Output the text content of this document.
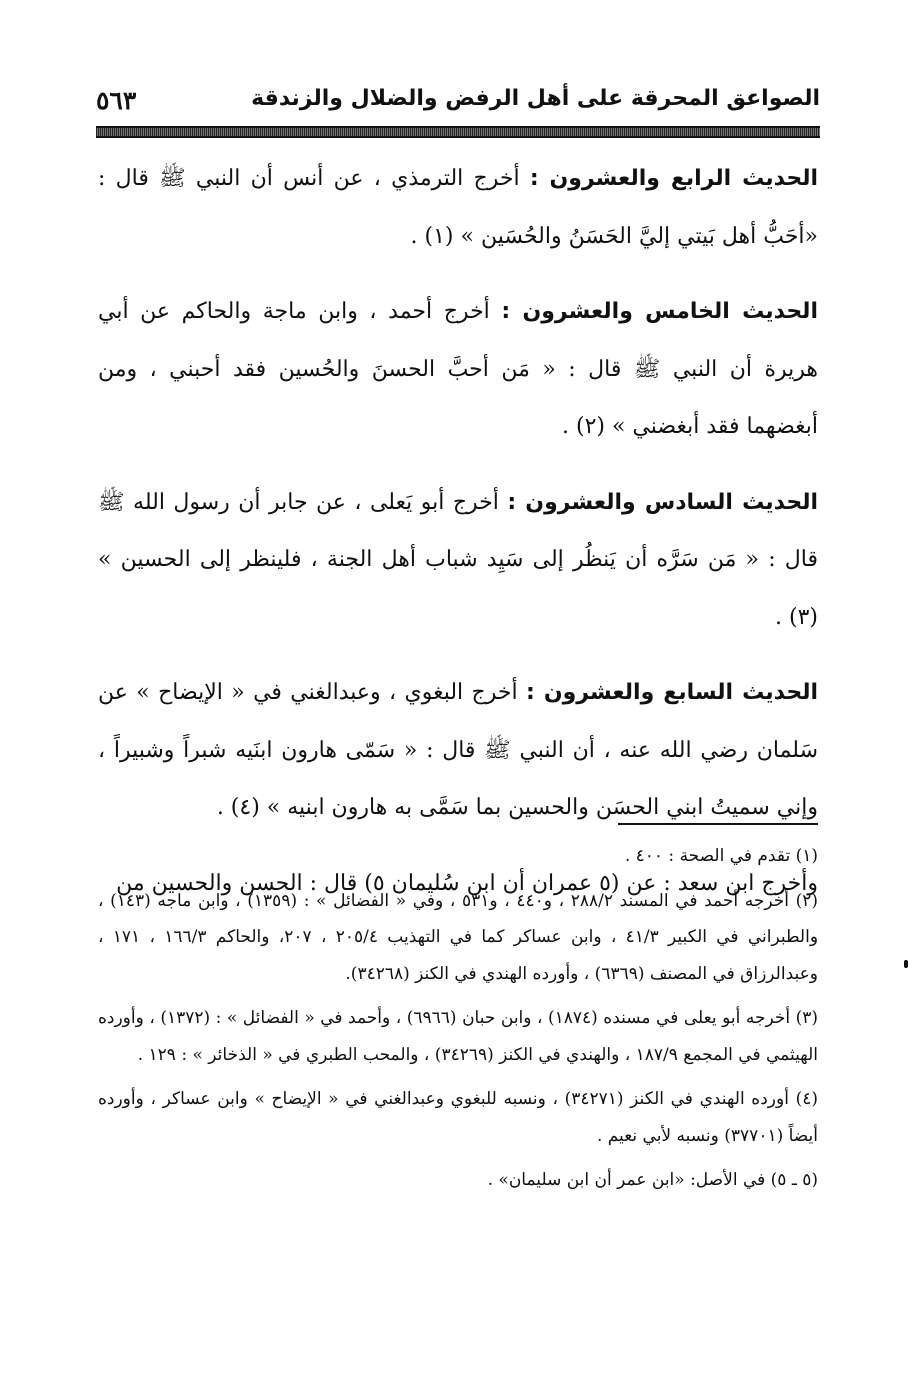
الصواعق المحرقة على أهل الرفض والضلال والزندقة
٥٦٣

الحديث الرابع والعشرون : أخرج الترمذي ، عن أنس أن النبي ﷺ قال : «أحَبُّ أهل بَيتي إليَّ الحَسَنُ والحُسَين » (١) .

الحديث الخامس والعشرون : أخرج أحمد ، وابن ماجة والحاكم عن أبي هريرة أن النبي ﷺ قال : « مَن أحبَّ الحسنَ والحُسين فقد أحبني ، ومن أبغضهما فقد أبغضني » (٢) .

الحديث السادس والعشرون : أخرج أبو يَعلى ، عن جابر أن رسول الله ﷺ قال : « مَن سَرَّه أن يَنظُر إلى سَيِد شباب أهل الجنة ، فلينظر إلى الحسين » (٣) .

الحديث السابع والعشرون : أخرج البغوي ، وعبدالغني في « الإيضاح » عن سَلمان رضي الله عنه ، أن النبي ﷺ قال : « سَمّى هارون ابنَيه شبراً وشبيراً ، وإني سميتُ ابني الحسَن والحسين بما سَمَّى به هارون ابنيه » (٤) .

وأخرج ابن سعد : عن (٥ عمران أن ابن سُليمان ٥) قال : الحسن والحسين من

(١) تقدم في الصحة : ٤٠٠ .

(٢) أخرجه أحمد في المسند ٢٨٨/٢ ، و٤٤٠ ، و٥٣١ ، وفي « الفضائل » : (١٣٥٩) ، وابن ماجه (١٤٣) ، والطبراني في الكبير ٤١/٣ ، وابن عساكر كما في التهذيب ٢٠٥/٤ ، ٢٠٧، والحاكم ١٦٦/٣ ، ١٧١ ، وعبدالرزاق في المصنف (٦٣٦٩) ، وأورده الهندي في الكنز (٣٤٢٦٨).

(٣) أخرجه أبو يعلى في مسنده (١٨٧٤) ، وابن حبان (٦٩٦٦) ، وأحمد في « الفضائل » : (١٣٧٢) ، وأورده الهيثمي في المجمع ١٨٧/٩ ، والهندي في الكنز (٣٤٢٦٩) ، والمحب الطبري في « الذخائر » : ١٢٩ .

(٤) أورده الهندي في الكنز (٣٤٢٧١) ، ونسبه للبغوي وعبدالغني في « الإيضاح » وابن عساكر ، وأورده أيضاً (٣٧٧٠١) ونسبه لأبي نعيم .

(٥ ـ ٥) في الأصل: «ابن عمر أن ابن سليمان» .
